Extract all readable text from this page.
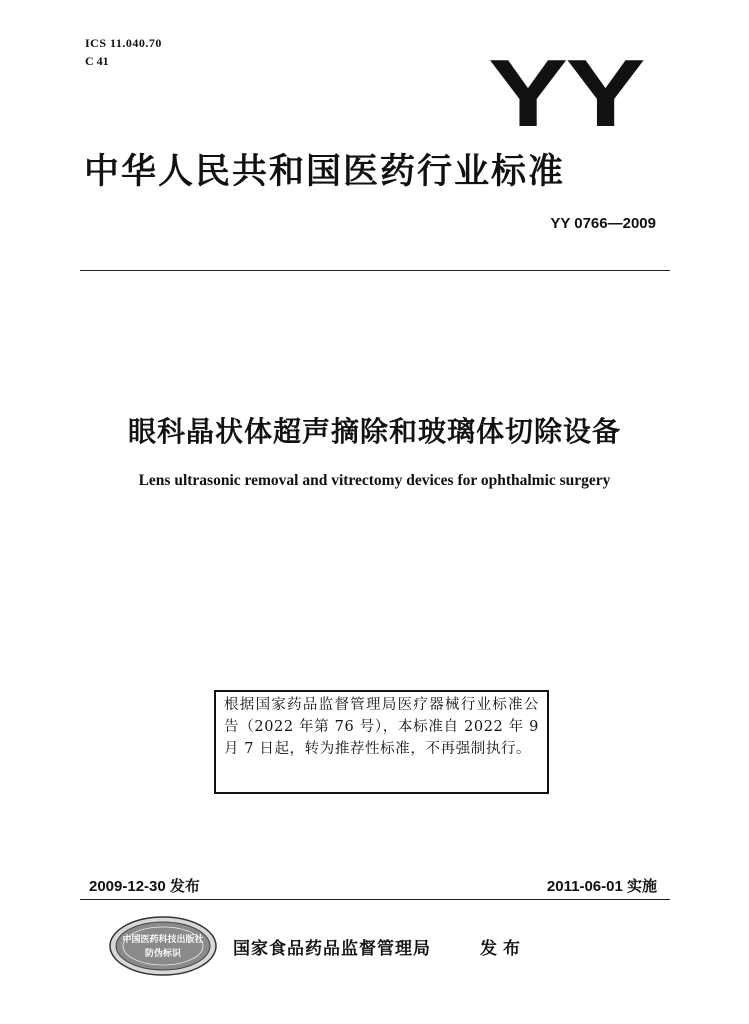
ICS 11.040.70
C 41	YY
中华人民共和国医药行业标准
YY 0766—2009
眼科晶状体超声摘除和玻璃体切除设备
Lens ultrasonic removal and vitrectomy devices for ophthalmic surgery
根据国家药品监督管理局医疗器械行业标准公告（2022 年第 76 号），本标准自 2022 年 9 月 7 日起，转为推荐性标准，不再强制执行。
2009-12-30 发布	2011-06-01 实施
中国医药科技出版社
防伪标识	国家食品药品监督管理局	发布
